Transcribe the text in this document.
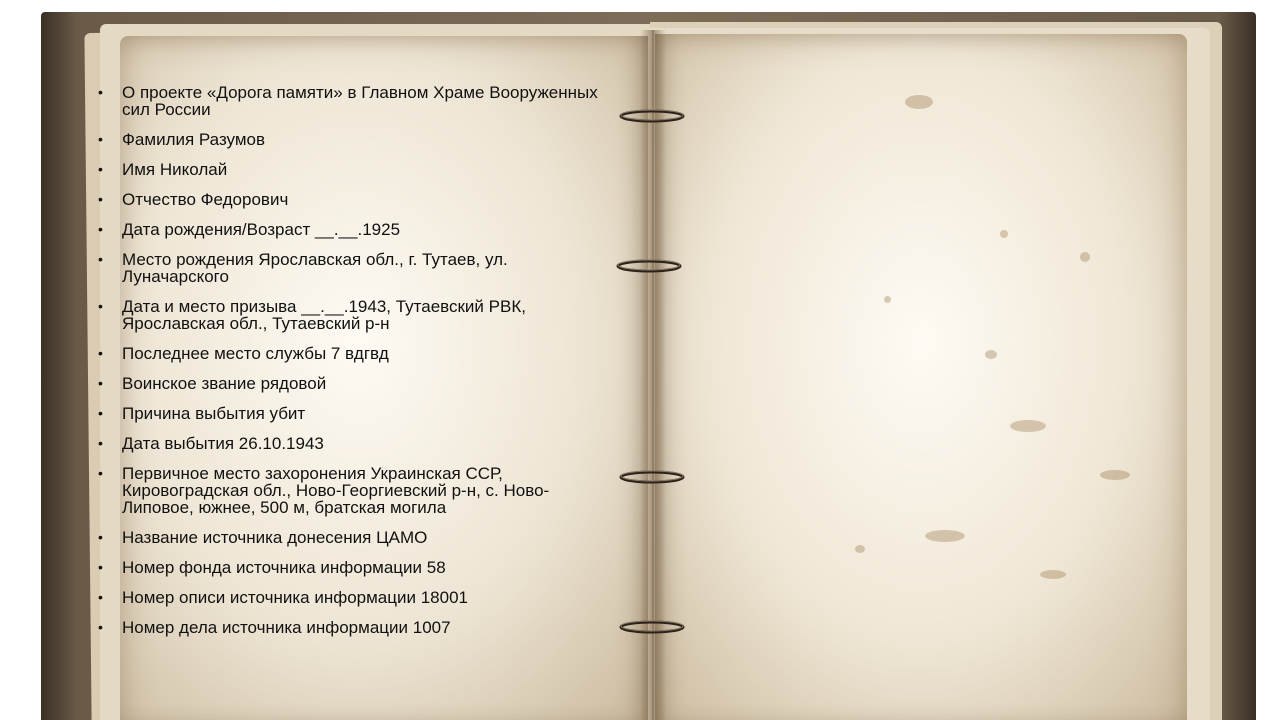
• О проекте «Дорога памяти» в Главном Храме Вооруженных сил России
• Фамилия Разумов
• Имя Николай
• Отчество Федорович
• Дата рождения/Возраст __.__.1925
• Место рождения Ярославская обл., г. Тутаев, ул. Луначарского
• Дата и место призыва __.__.1943, Тутаевский РВК, Ярославская обл., Тутаевский р-н
• Последнее место службы 7 вдгвд
• Воинское звание рядовой
• Причина выбытия убит
• Дата выбытия 26.10.1943
• Первичное место захоронения Украинская ССР, Кировоградская обл., Ново-Георгиевский р-н, с. Ново-Липовое, южнее, 500 м, братская могила
• Название источника донесения ЦАМО
• Номер фонда источника информации 58
• Номер описи источника информации 18001
• Номер дела источника информации 1007
